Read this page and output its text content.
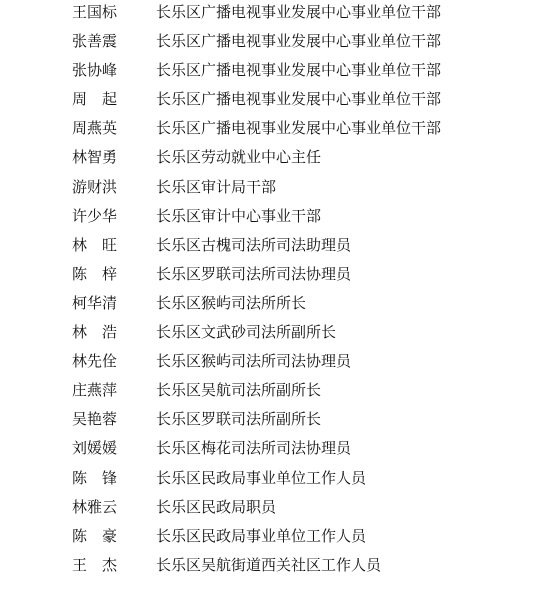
王国标	长乐区广播电视事业发展中心事业单位干部
张善震	长乐区广播电视事业发展中心事业单位干部
张协峰	长乐区广播电视事业发展中心事业单位干部
周　起	长乐区广播电视事业发展中心事业单位干部
周燕英	长乐区广播电视事业发展中心事业单位干部
林智勇	长乐区劳动就业中心主任
游财洪	长乐区审计局干部
许少华	长乐区审计中心事业干部
林　旺	长乐区古槐司法所司法助理员
陈　梓	长乐区罗联司法所司法协理员
柯华清	长乐区猴屿司法所所长
林　浩	长乐区文武砂司法所副所长
林先佺	长乐区猴屿司法所司法协理员
庄燕萍	长乐区吴航司法所副所长
吴艳蓉	长乐区罗联司法所副所长
刘媛媛	长乐区梅花司法所司法协理员
陈　锋	长乐区民政局事业单位工作人员
林雅云	长乐区民政局职员
陈　豪	长乐区民政局事业单位工作人员
王　杰	长乐区吴航街道西关社区工作人员
